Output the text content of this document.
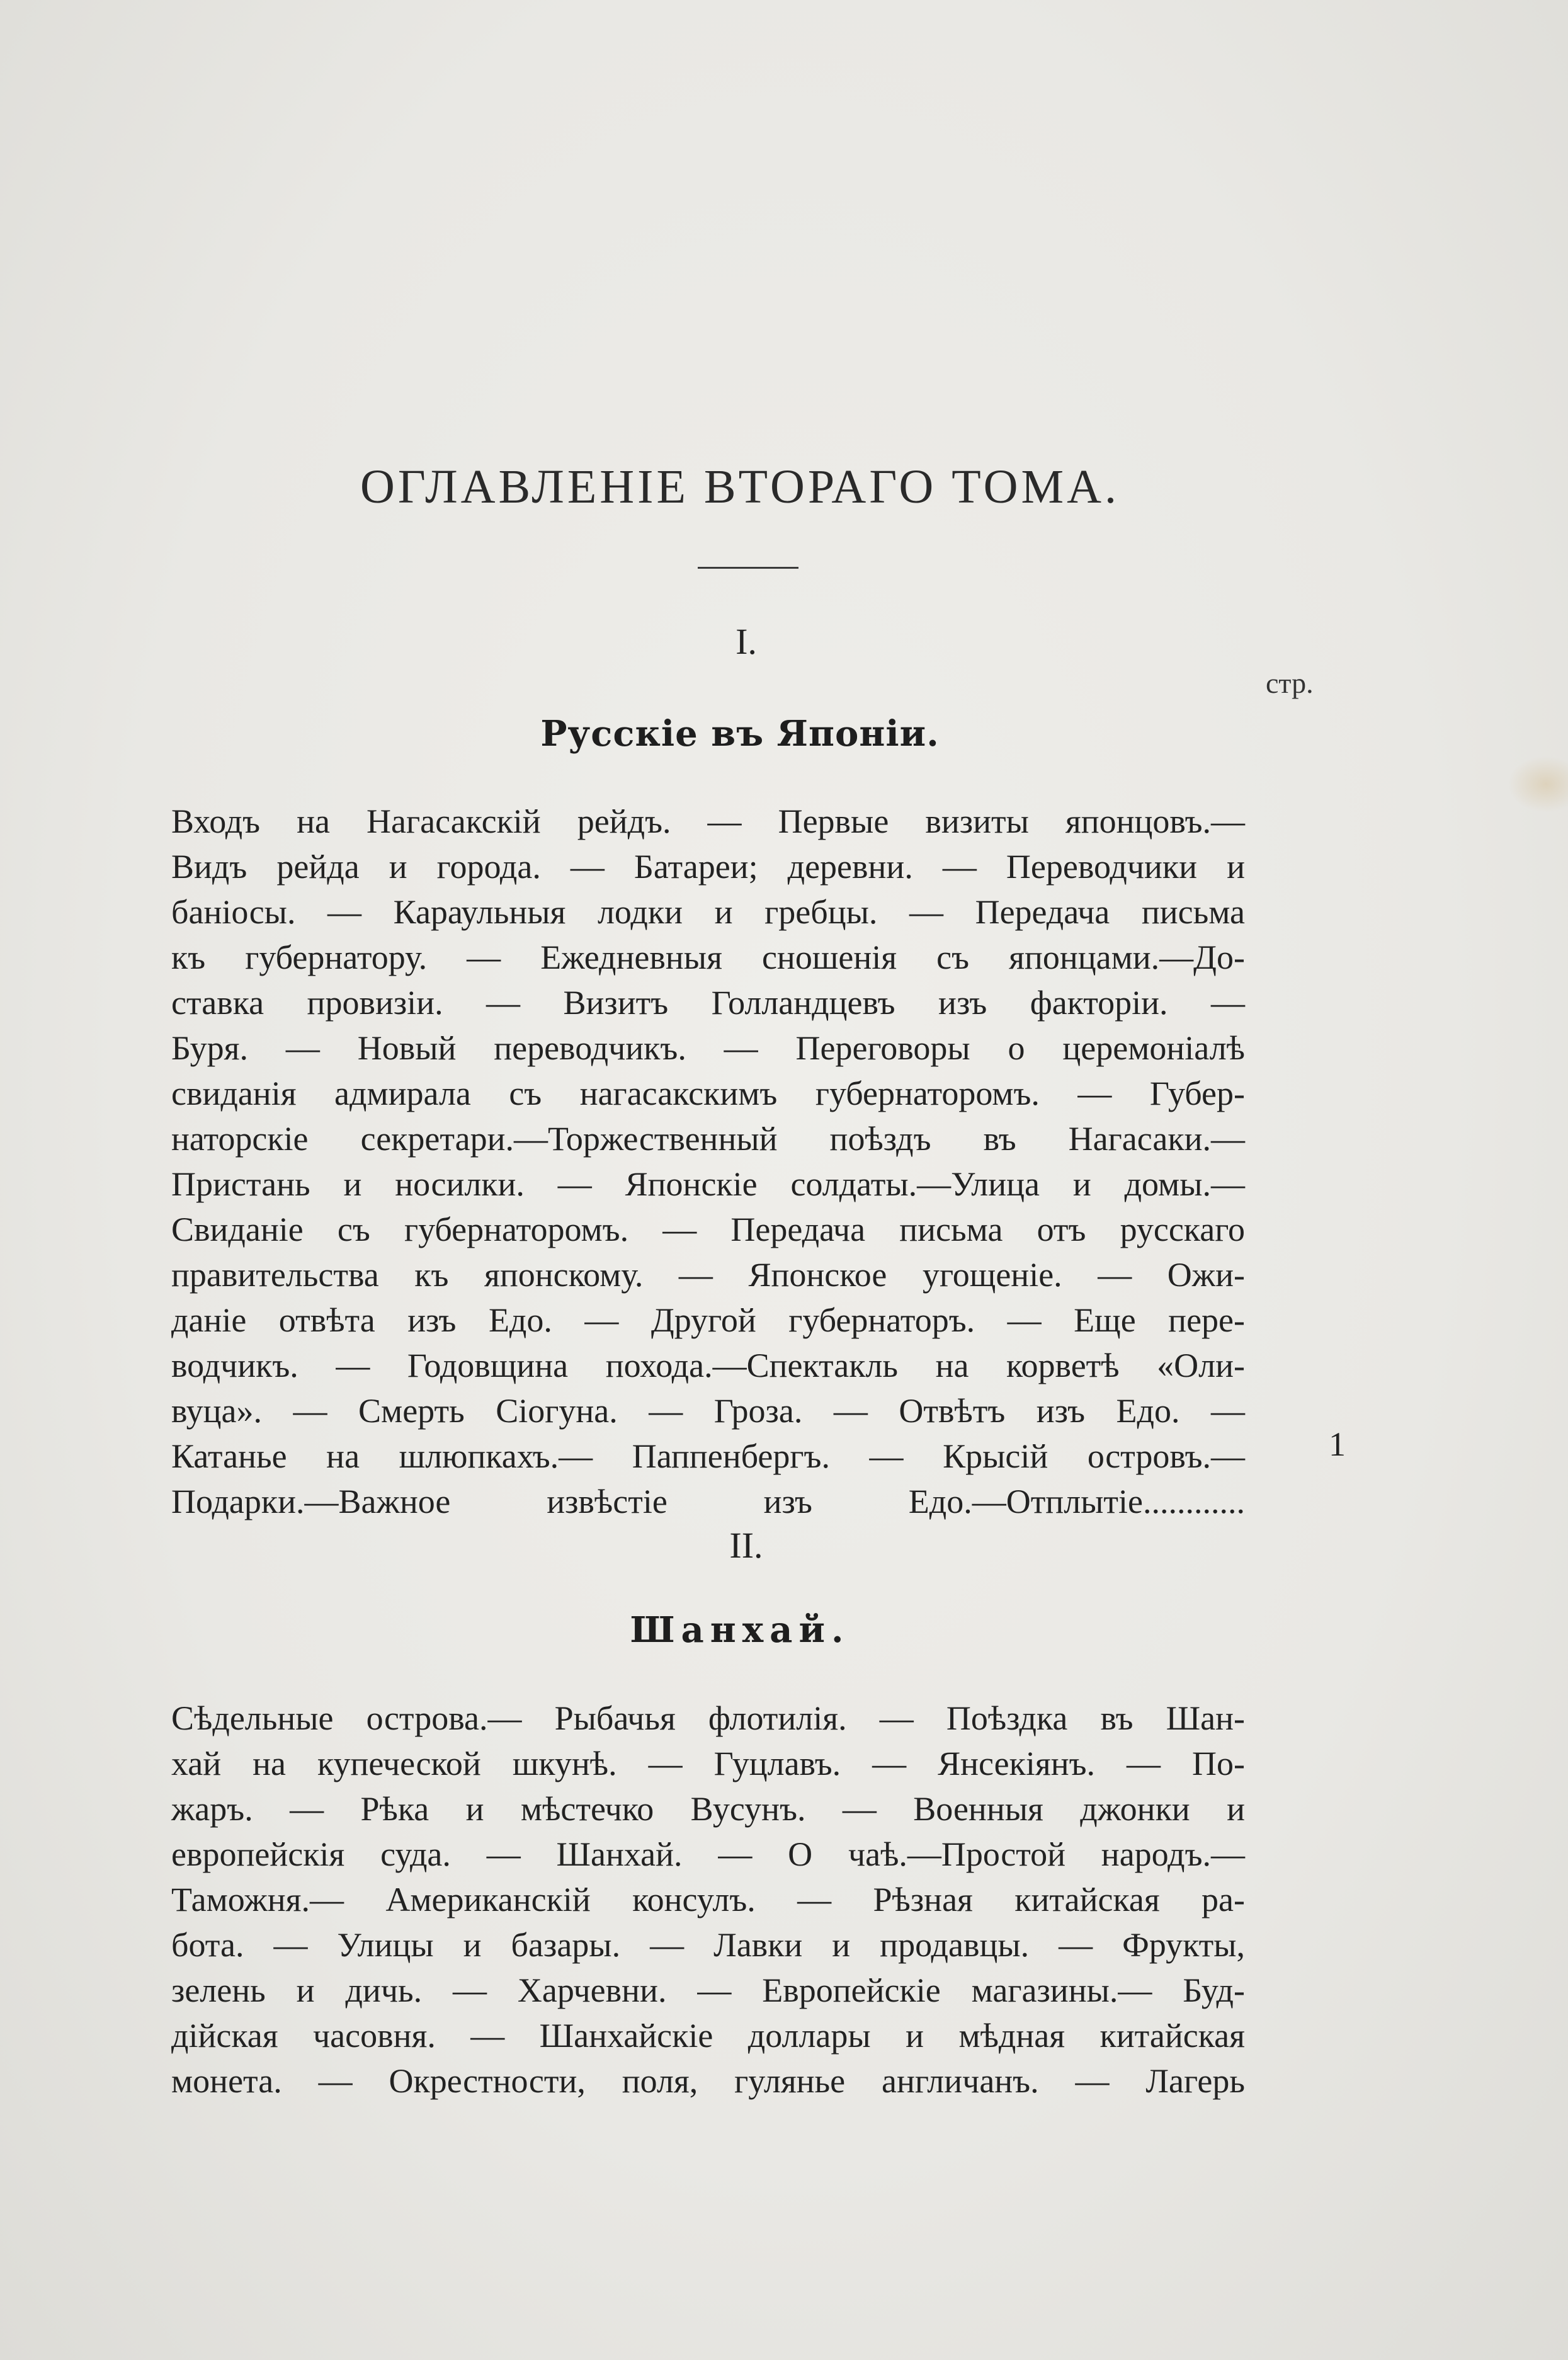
ОГЛАВЛЕНІЕ ВТОРАГО ТОМА.
I.
стр.
Русскіе въ Японіи.
Входъ на Нагасакскій рейдъ. — Первые визиты японцовъ.—
Видъ рейда и города. — Батареи; деревни. — Переводчики и
баніосы. — Караульныя лодки и гребцы. — Передача письма
къ губернатору. — Ежедневныя сношенія съ японцами.—До-
ставка провизіи. — Визитъ Голландцевъ изъ факторіи. —
Буря. — Новый переводчикъ. — Переговоры о церемоніалѣ
свиданія адмирала съ нагасакскимъ губернаторомъ. — Губер-
наторскіе секретари.—Торжественный поѣздъ въ Нагасаки.—
Пристань и носилки. — Японскіе солдаты.—Улица и домы.—
Свиданіе съ губернаторомъ. — Передача письма отъ русскаго
правительства къ японскому. — Японское угощеніе. — Ожи-
даніе отвѣта изъ Едо. — Другой губернаторъ. — Еще пере-
водчикъ. — Годовщина похода.—Спектакль на корветѣ «Оли-
вуца». — Смерть Сіогуна. — Гроза. — Отвѣтъ изъ Едо. —
Катанье на шлюпкахъ.— Паппенбергъ. — Крысій островъ.—
Подарки.—Важное извѣстіе изъ Едо.—Отплытіе............
1
II.
Шанхай.
Сѣдельные острова.— Рыбачья флотилія. — Поѣздка въ Шан-
хай на купеческой шкунѣ. — Гуцлавъ. — Янсекіянъ. — По-
жаръ. — Рѣка и мѣстечко Вусунъ. — Военныя джонки и
европейскія суда. — Шанхай. — О чаѣ.—Простой народъ.—
Таможня.— Американскій консулъ. — Рѣзная китайская ра-
бота. — Улицы и базары. — Лавки и продавцы. — Фрукты,
зелень и дичь. — Харчевни. — Европейскіе магазины.— Буд-
дійская часовня. — Шанхайскіе доллары и мѣдная китайская
монета. — Окрестности, поля, гулянье англичанъ. — Лагерь
